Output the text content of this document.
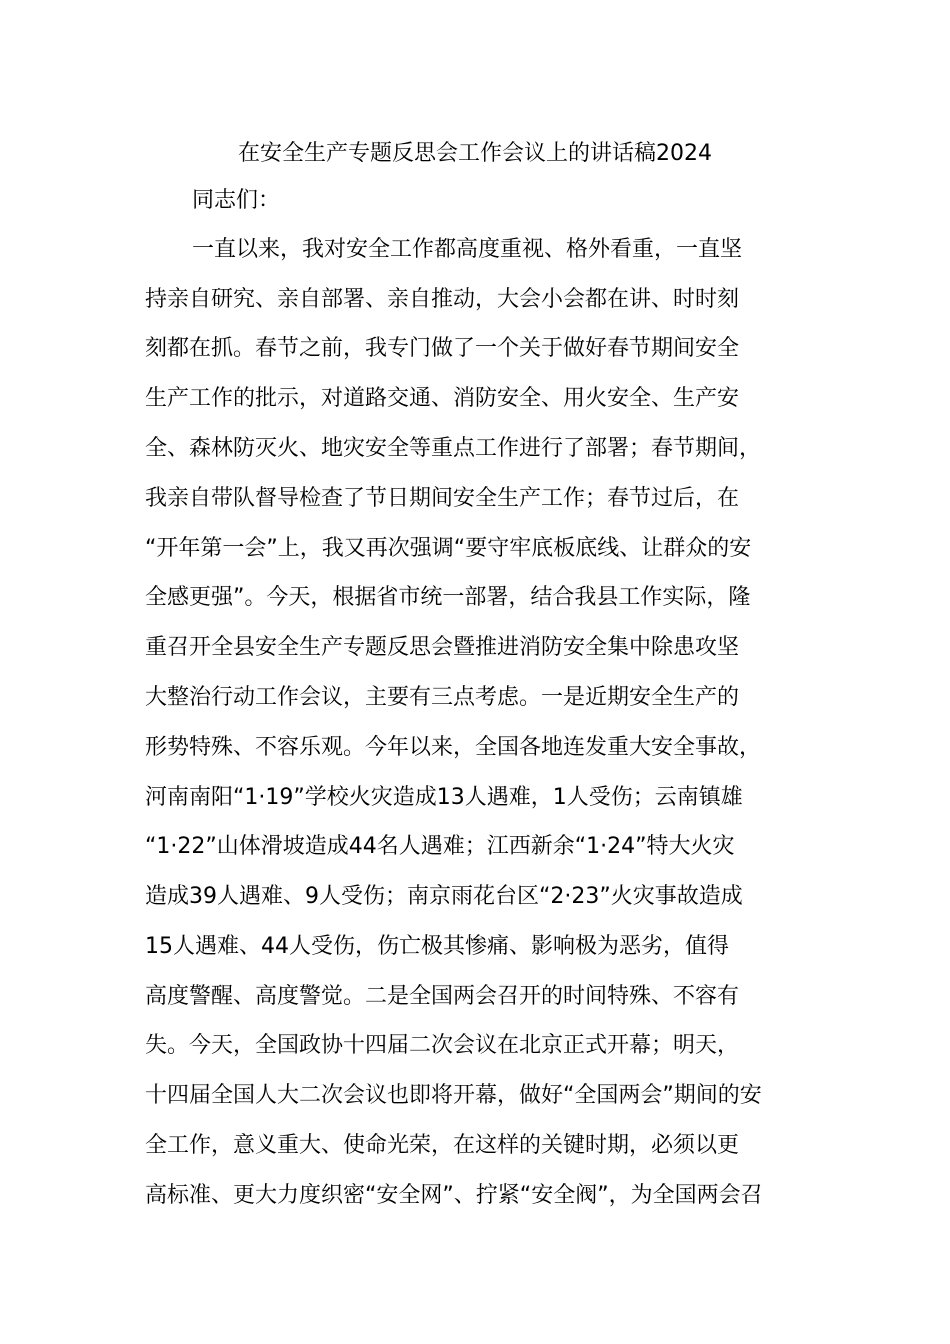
在安全生产专题反思会工作会议上的讲话稿2024
同志们：
一直以来，我对安全工作都高度重视、格外看重，一直坚
持亲自研究、亲自部署、亲自推动，大会小会都在讲、时时刻
刻都在抓。春节之前，我专门做了一个关于做好春节期间安全
生产工作的批示，对道路交通、消防安全、用火安全、生产安
全、森林防灭火、地灾安全等重点工作进行了部署；春节期间，
我亲自带队督导检查了节日期间安全生产工作；春节过后，在
“开年第一会”上，我又再次强调“要守牢底板底线、让群众的安
全感更强”。今天，根据省市统一部署，结合我县工作实际，隆
重召开全县安全生产专题反思会暨推进消防安全集中除患攻坚
大整治行动工作会议，主要有三点考虑。一是近期安全生产的
形势特殊、不容乐观。今年以来，全国各地连发重大安全事故，
河南南阳“1·19”学校火灾造成13人遇难，1人受伤；云南镇雄
“1·22”山体滑坡造成44名人遇难；江西新余“1·24”特大火灾
造成39人遇难、9人受伤；南京雨花台区“2·23”火灾事故造成
15人遇难、44人受伤，伤亡极其惨痛、影响极为恶劣，值得
高度警醒、高度警觉。二是全国两会召开的时间特殊、不容有
失。今天，全国政协十四届二次会议在北京正式开幕；明天，
十四届全国人大二次会议也即将开幕，做好“全国两会”期间的安
全工作，意义重大、使命光荣，在这样的关键时期，必须以更
高标准、更大力度织密“安全网”、拧紧“安全阀”，为全国两会召
